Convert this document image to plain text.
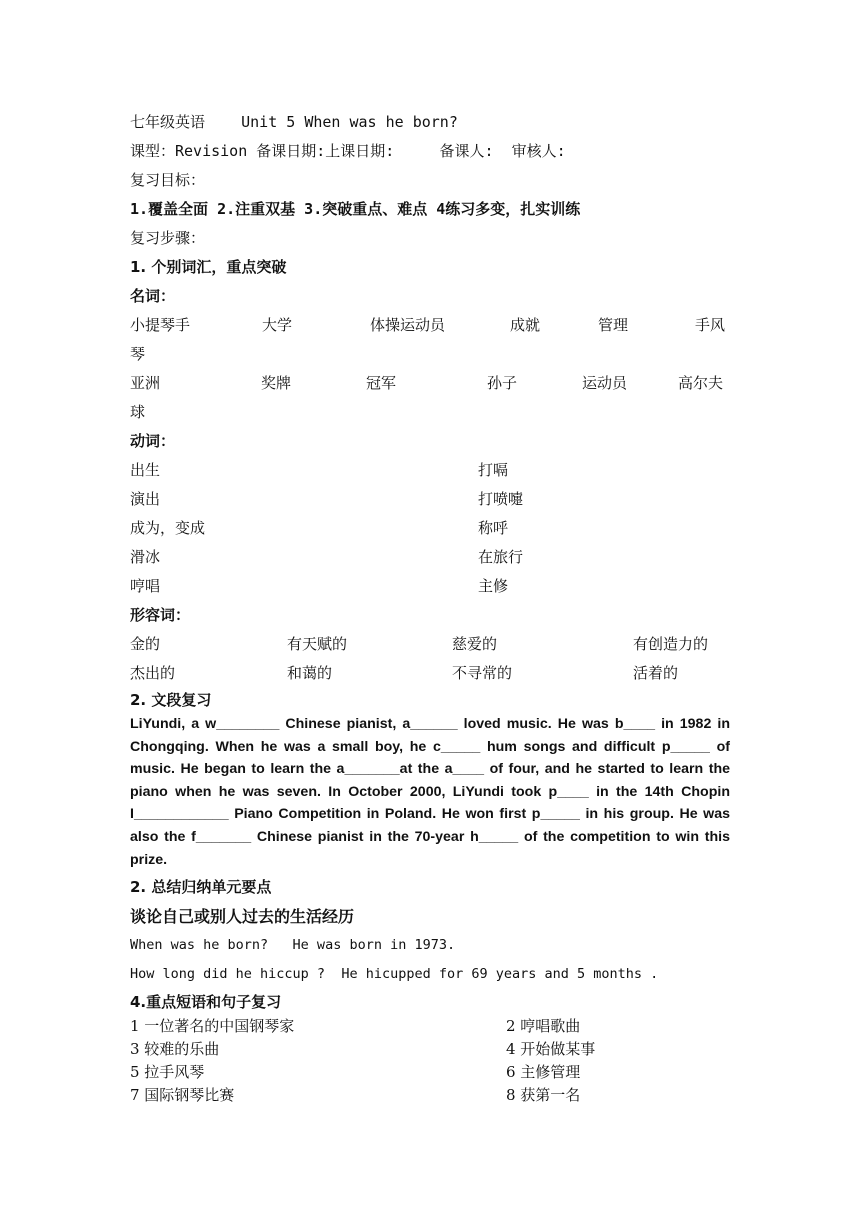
七年级英语    Unit 5 When was he born?
课型：Revision 备课日期:上课日期:     备课人:  审核人:
复习目标：
1.覆盖全面 2.注重双基 3.突破重点、难点 4练习多变，扎实训练
复习步骤：
1. 个别词汇，重点突破
名词：
小提琴手	大学	体操运动员	成就	管理	手风
琴
亚洲	奖牌	冠军	孙子	运动员	高尔夫
球
动词：
出生	打嗝
演出	打喷嚏
成为，变成	称呼
滑冰	在旅行
哼唱	主修
形容词：
金的	有天赋的	慈爱的	有创造力的
杰出的	和蔼的	不寻常的	活着的
2. 文段复习
LiYundi, a w________ Chinese pianist, a______ loved music. He was b____ in 1982 in Chongqing. When he was a small boy, he c_____ hum songs and difficult p_____ of music. He began to learn the a_______at the a____ of four, and he started to learn the piano when he was seven. In October 2000, LiYundi took p____ in the 14th Chopin I____________ Piano Competition in Poland. He won first p_____ in his group. He was also the f_______ Chinese pianist in the 70-year h_____ of the competition to win this prize.
2. 总结归纳单元要点
谈论自己或别人过去的生活经历
When was he born?   He was born in 1973.
How long did he hiccup ?  He hicupped for 69 years and 5 months .
4.重点短语和句子复习
1 一位著名的中国钢琴家	2 哼唱歌曲
3 较难的乐曲	4 开始做某事
5 拉手风琴	6 主修管理
7 国际钢琴比赛	8 获第一名
